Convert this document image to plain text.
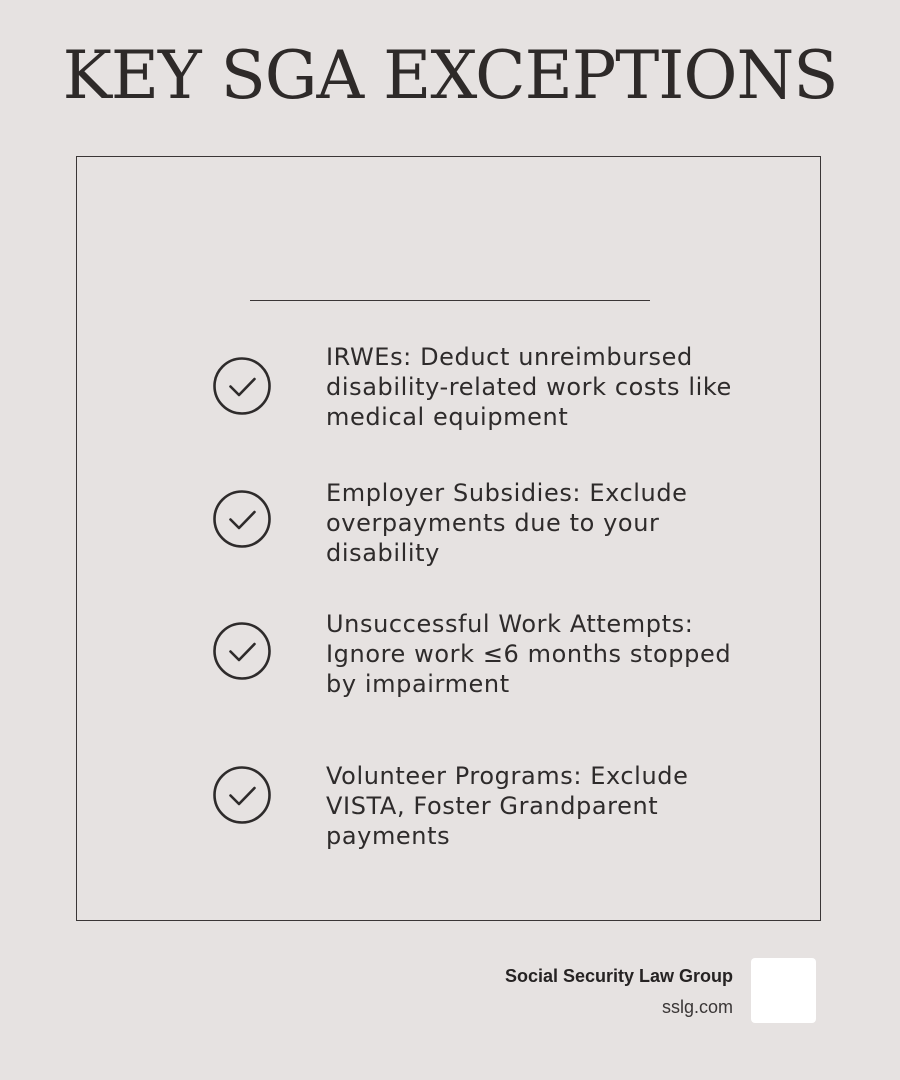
KEY SGA EXCEPTIONS
IRWEs: Deduct unreimbursed disability-related work costs like medical equipment
Employer Subsidies: Exclude overpayments due to your disability
Unsuccessful Work Attempts: Ignore work ≤6 months stopped by impairment
Volunteer Programs: Exclude VISTA, Foster Grandparent payments
Social Security Law Group
sslg.com
